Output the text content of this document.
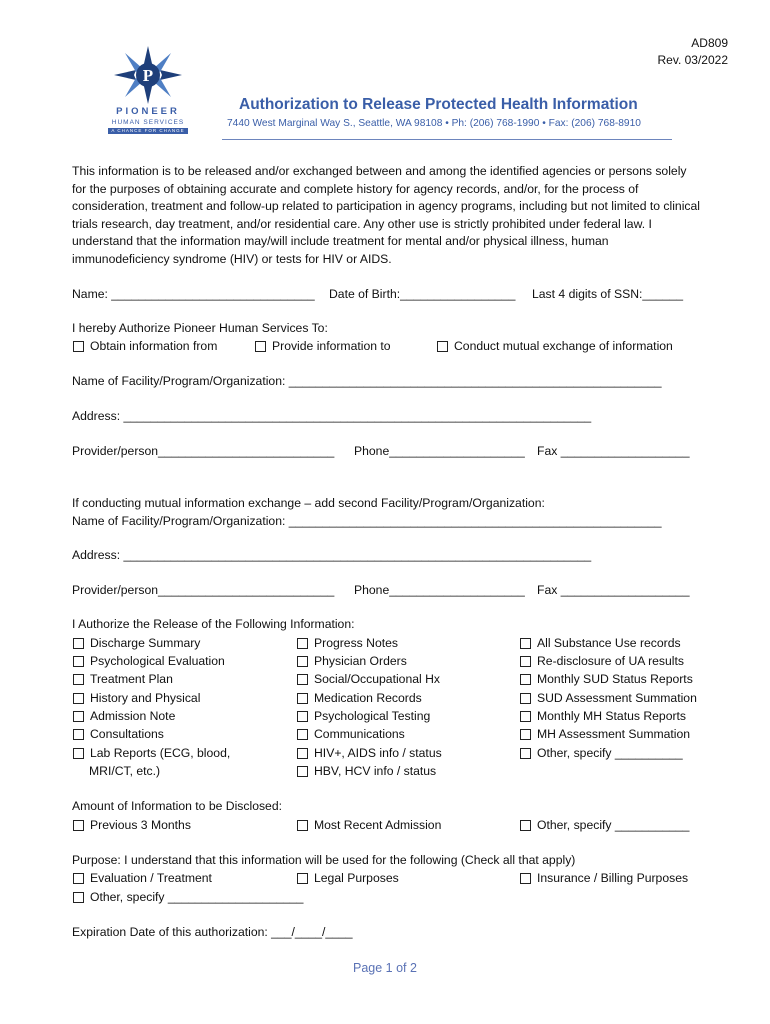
AD809
Rev. 03/2022
P
PIONEER
HUMAN SERVICES
A CHANCE FOR CHANGE
Authorization to Release Protected Health Information
7440 West Marginal Way S., Seattle, WA 98108 • Ph: (206) 768-1990 • Fax: (206) 768-8910
This information is to be released and/or exchanged between and among the identified agencies or persons solely for the purposes of obtaining accurate and complete history for agency records, and/or, for the process of consideration, treatment and follow-up related to participation in agency programs, including but not limited to clinical trials research, day treatment, and/or residential care. Any other use is strictly prohibited under federal law. I understand that the information may/will include treatment for mental and/or physical illness, human immunodeficiency syndrome (HIV) or tests for HIV or AIDS.
Name: ______________________________ Date of Birth:_________________ Last 4 digits of SSN:______
I hereby Authorize Pioneer Human Services To:
Obtain information from	Provide information to	Conduct mutual exchange of information
Name of Facility/Program/Organization: _______________________________________________________
Address: _____________________________________________________________________
Provider/person__________________________ Phone____________________ Fax ___________________
If conducting mutual information exchange – add second Facility/Program/Organization:
Name of Facility/Program/Organization: _______________________________________________________
Address: _____________________________________________________________________
Provider/person__________________________ Phone____________________ Fax ___________________
I Authorize the Release of the Following Information:
Discharge Summary
Psychological Evaluation
Treatment Plan
History and Physical
Admission Note
Consultations
Lab Reports (ECG, blood,
MRI/CT, etc.)
Progress Notes
Physician Orders
Social/Occupational Hx
Medication Records
Psychological Testing
Communications
HIV+, AIDS info / status
HBV, HCV info / status
All Substance Use records
Re-disclosure of UA results
Monthly SUD Status Reports
SUD Assessment Summation
Monthly MH Status Reports
MH Assessment Summation
Other, specify __________
Amount of Information to be Disclosed:
Previous 3 Months	Most Recent Admission	Other, specify ___________
Purpose: I understand that this information will be used for the following (Check all that apply)
Evaluation / Treatment	Legal Purposes	Insurance / Billing Purposes
Other, specify ____________________
Expiration Date of this authorization: ___/____/____
Page 1 of 2
